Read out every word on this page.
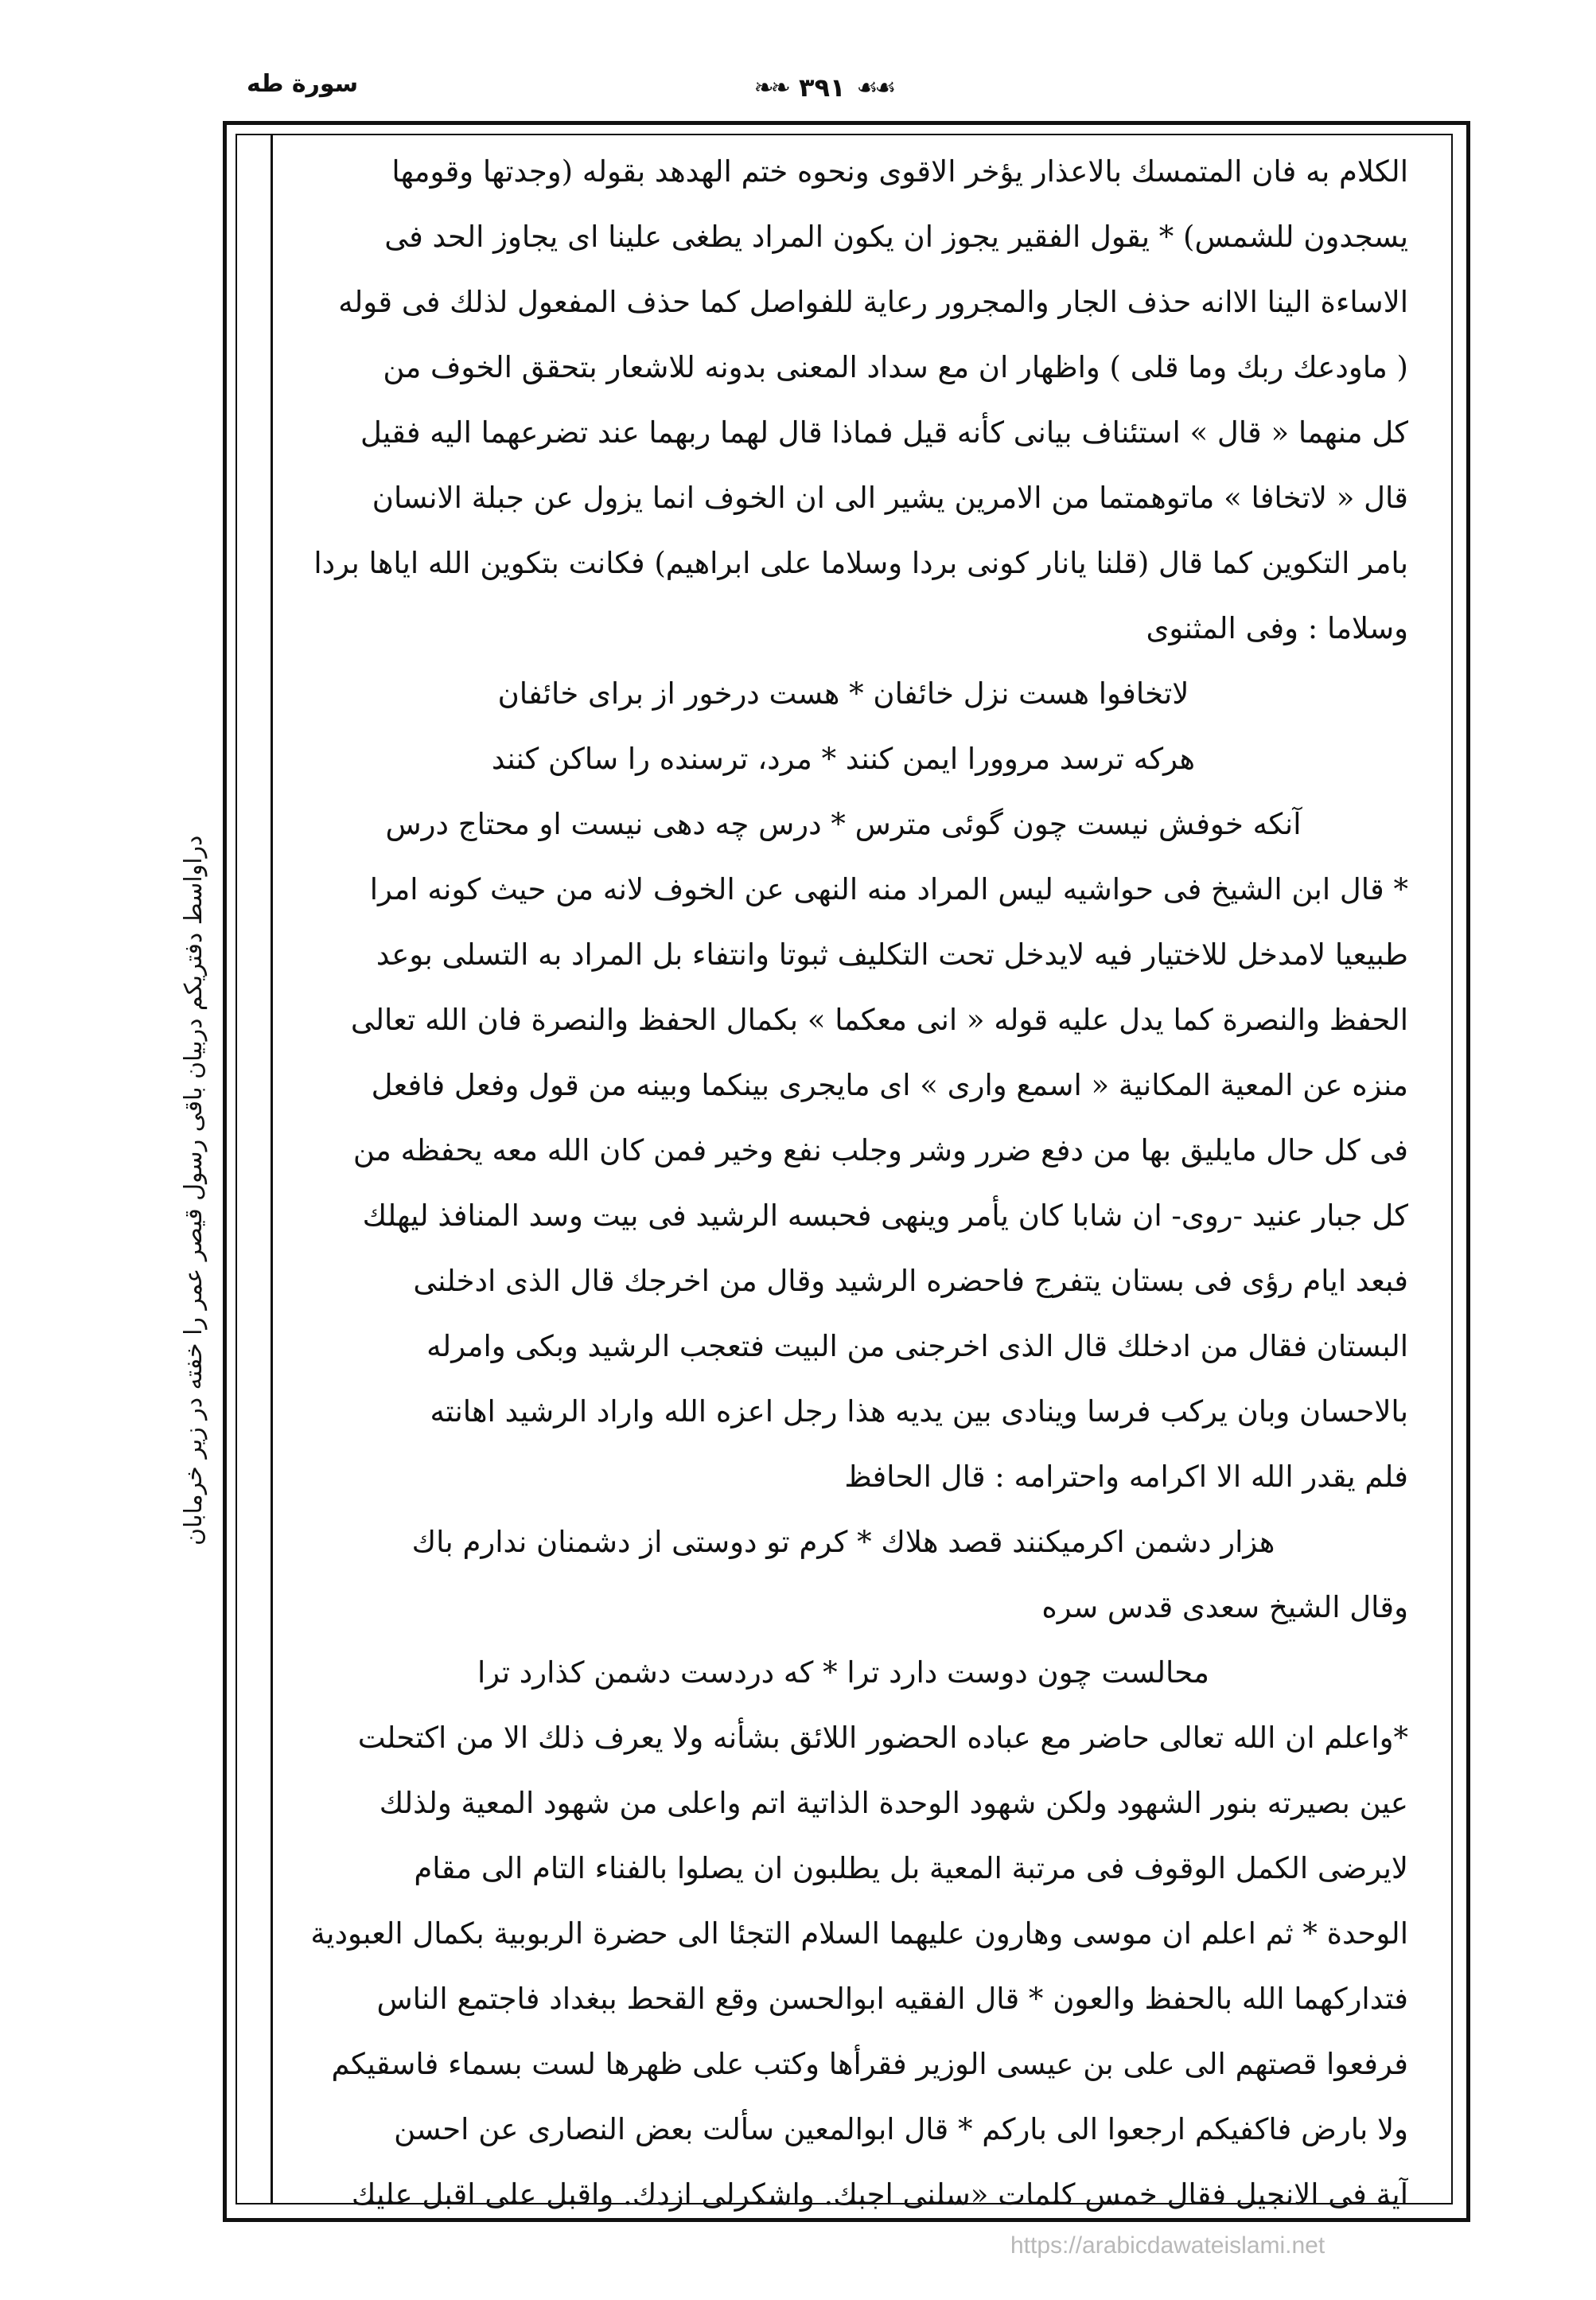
سورة طه	❧❧ ٣٩١ ☙☙
دراواسط دفتریکم دربیان باقی رسول قیصر عمر را خفته در زیر خرمابان
الكلام به فان المتمسك بالاعذار يؤخر الاقوى ونحوه ختم الهدهد بقوله (وجدتها وقومها
يسجدون للشمس) * يقول الفقير يجوز ان يكون المراد يطغى علينا اى يجاوز الحد فى
الاساءة الينا الاانه حذف الجار والمجرور رعاية للفواصل كما حذف المفعول لذلك فى قوله
( ماودعك ربك وما قلى ) واظهار ان مع سداد المعنى بدونه للاشعار بتحقق الخوف من
كل منهما « قال » استئناف بيانى كأنه قيل فماذا قال لهما ربهما عند تضرعهما اليه فقيل
قال « لاتخافا » ماتوهمتما من الامرين يشير الى ان الخوف انما يزول عن جبلة الانسان
بامر التكوين كما قال (قلنا يانار كونى بردا وسلاما على ابراهيم) فكانت بتكوين الله اياها بردا
وسلاما : وفى المثنوى
لاتخافوا هست نزل خائفان * هست درخور از براى خائفان
هركه ترسد مروورا ايمن كنند * مرد، ترسنده را ساكن كنند
آنكه خوفش نيست چون گوئى مترس * درس چه دهى نيست او محتاج درس
* قال ابن الشيخ فى حواشيه ليس المراد منه النهى عن الخوف لانه من حيث كونه امرا
طبيعيا لامدخل للاختيار فيه لايدخل تحت التكليف ثبوتا وانتفاء بل المراد به التسلى بوعد
الحفظ والنصرة كما يدل عليه قوله « انى معكما » بكمال الحفظ والنصرة فان الله تعالى
منزه عن المعية المكانية « اسمع وارى » اى مايجرى بينكما وبينه من قول وفعل فافعل
فى كل حال مايليق بها من دفع ضرر وشر وجلب نفع وخير فمن كان الله معه يحفظه من
كل جبار عنيد -روى- ان شابا كان يأمر وينهى فحبسه الرشيد فى بيت وسد المنافذ ليهلك
فبعد ايام رؤى فى بستان يتفرج فاحضره الرشيد وقال من اخرجك قال الذى ادخلنى
البستان فقال من ادخلك قال الذى اخرجنى من البيت فتعجب الرشيد وبكى وامرله
بالاحسان وبان يركب فرسا وينادى بين يديه هذا رجل اعزه الله واراد الرشيد اهانته
فلم يقدر الله الا اكرامه واحترامه : قال الحافظ
هزار دشمن اكرميكنند قصد هلاك * كرم تو دوستى از دشمنان ندارم باك
وقال الشيخ سعدى قدس سره
محالست چون دوست دارد ترا * كه دردست دشمن كذارد ترا
*واعلم ان الله تعالى حاضر مع عباده الحضور اللائق بشأنه ولا يعرف ذلك الا من اكتحلت
عين بصيرته بنور الشهود ولكن شهود الوحدة الذاتية اتم واعلى من شهود المعية ولذلك
لايرضى الكمل الوقوف فى مرتبة المعية بل يطلبون ان يصلوا بالفناء التام الى مقام
الوحدة * ثم اعلم ان موسى وهارون عليهما السلام التجئا الى حضرة الربوبية بكمال العبودية
فتداركهما الله بالحفظ والعون * قال الفقيه ابوالحسن وقع القحط ببغداد فاجتمع الناس
فرفعوا قصتهم الى على بن عيسى الوزير فقرأها وكتب على ظهرها لست بسماء فاسقيكم
ولا بارض فاكفيكم ارجعوا الى باركم * قال ابوالمعين سألت بعض النصارى عن احسن
آية فى الانجيل فقال خمس كلمات «سلنى اجبك. واشكرلى ازدك. واقبل على اقبل عليك
https://arabicdawateislami.net
